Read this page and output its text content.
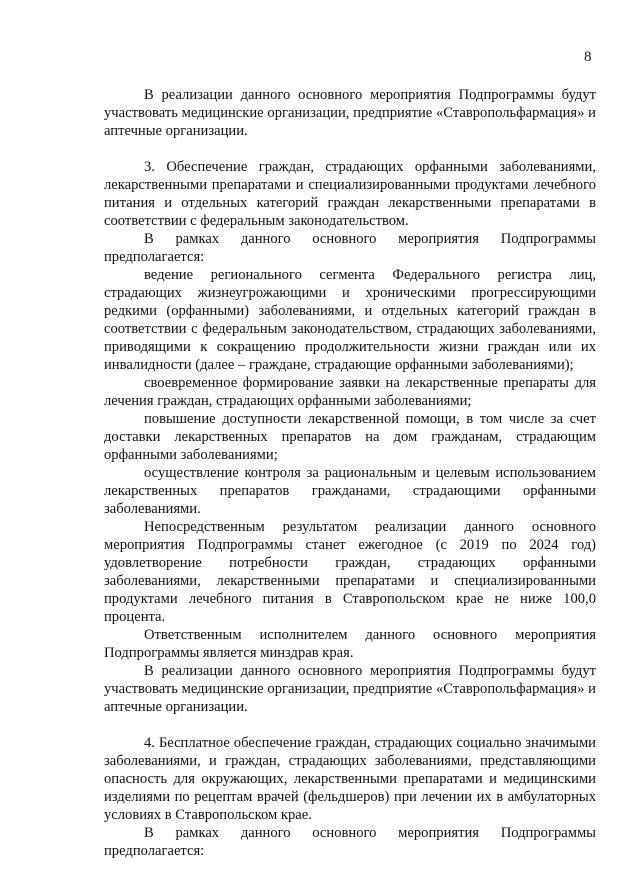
8

В реализации данного основного мероприятия Подпрограммы будут участвовать медицинские организации, предприятие «Ставропольфармация» и аптечные организации.

3. Обеспечение граждан, страдающих орфанными заболеваниями, лекарственными препаратами и специализированными продуктами лечебного питания и отдельных категорий граждан лекарственными препаратами в соответствии с федеральным законодательством.

В рамках данного основного мероприятия Подпрограммы предполагается:

ведение регионального сегмента Федерального регистра лиц, страдающих жизнеугрожающими и хроническими прогрессирующими редкими (орфанными) заболеваниями, и отдельных категорий граждан в соответствии с федеральным законодательством, страдающих заболеваниями, приводящими к сокращению продолжительности жизни граждан или их инвалидности (далее – граждане, страдающие орфанными заболеваниями);

своевременное формирование заявки на лекарственные препараты для лечения граждан, страдающих орфанными заболеваниями;

повышение доступности лекарственной помощи, в том числе за счет доставки лекарственных препаратов на дом гражданам, страдающим орфанными заболеваниями;

осуществление контроля за рациональным и целевым использованием лекарственных препаратов гражданами, страдающими орфанными заболеваниями.

Непосредственным результатом реализации данного основного мероприятия Подпрограммы станет ежегодное (с 2019 по 2024 год) удовлетворение потребности граждан, страдающих орфанными заболеваниями, лекарственными препаратами и специализированными продуктами лечебного питания в Ставропольском крае не ниже 100,0 процента.

Ответственным исполнителем данного основного мероприятия Подпрограммы является минздрав края.

В реализации данного основного мероприятия Подпрограммы будут участвовать медицинские организации, предприятие «Ставропольфармация» и аптечные организации.

4. Бесплатное обеспечение граждан, страдающих социально значимыми заболеваниями, и граждан, страдающих заболеваниями, представляющими опасность для окружающих, лекарственными препаратами и медицинскими изделиями по рецептам врачей (фельдшеров) при лечении их в амбулаторных условиях в Ставропольском крае.

В рамках данного основного мероприятия Подпрограммы предполагается:
